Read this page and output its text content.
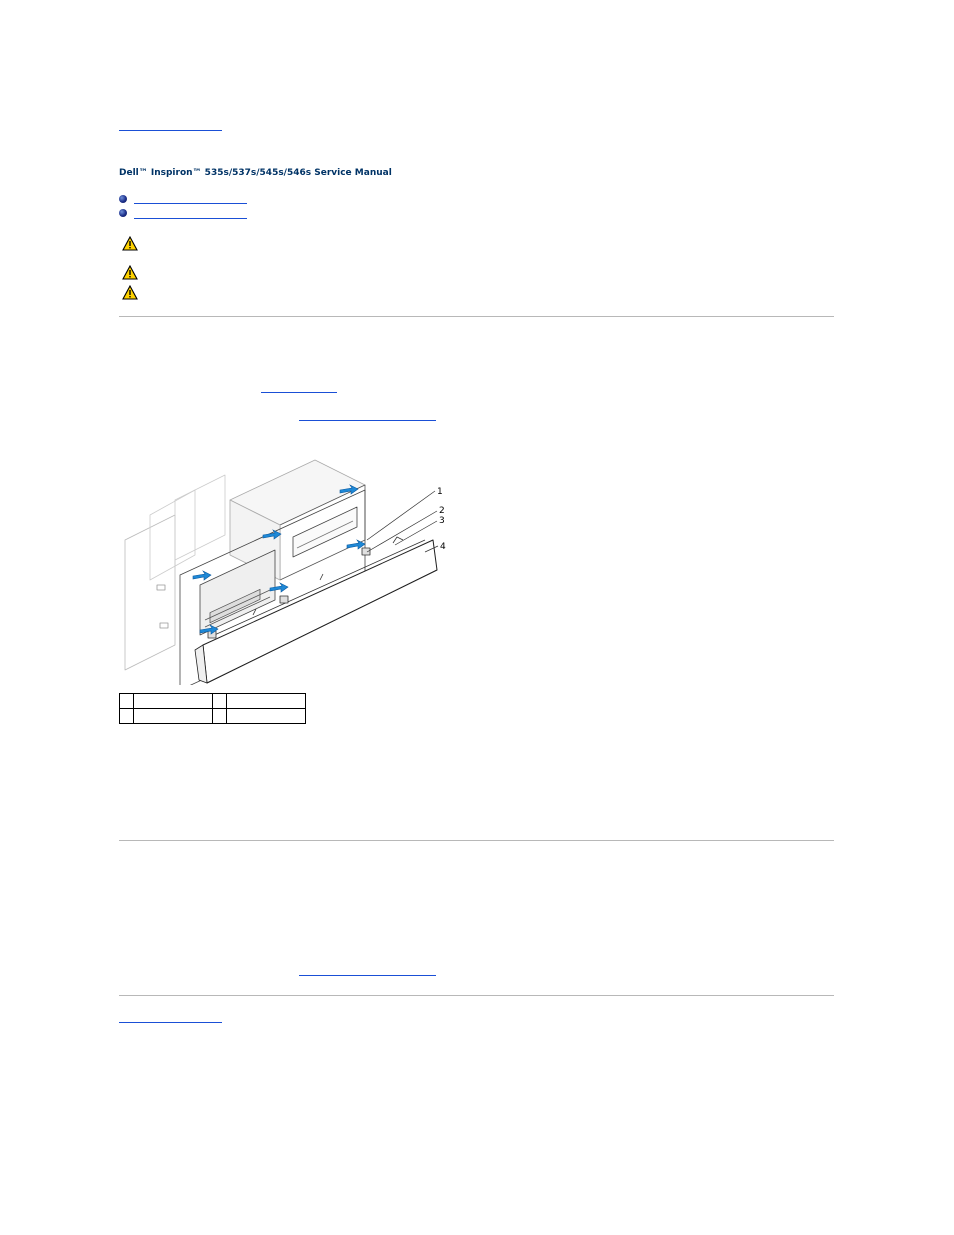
Dell™ Inspiron™ 535s/537s/545s/546s Service Manual
1
2
3
4
